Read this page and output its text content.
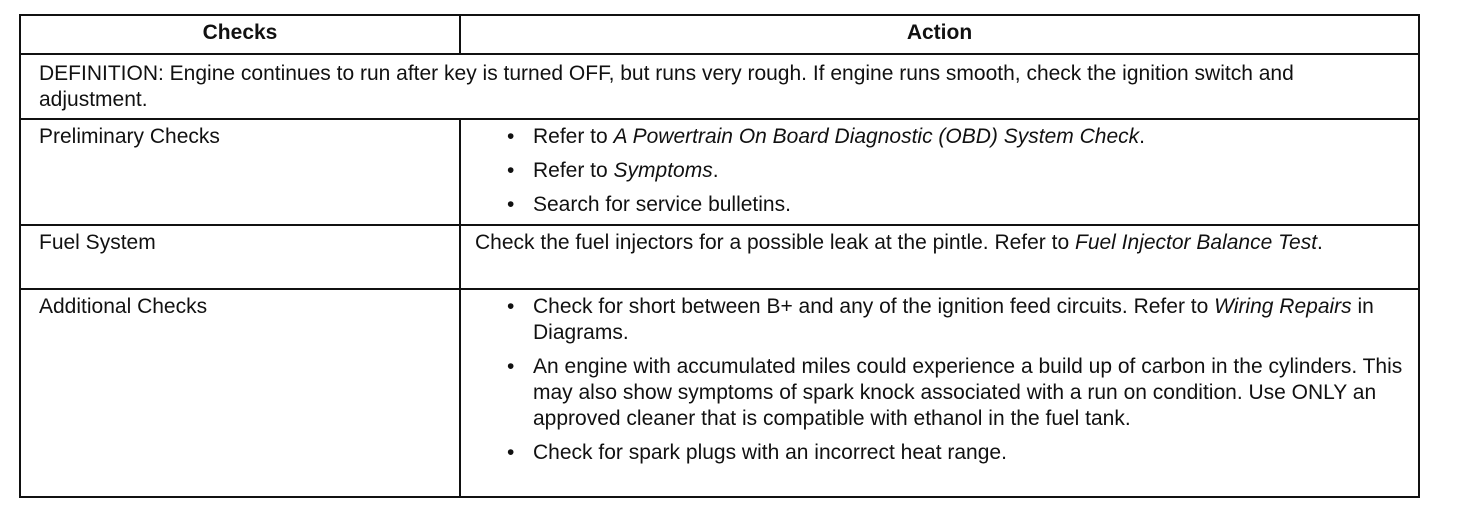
Checks	Action
DEFINITION: Engine continues to run after key is turned OFF, but runs very rough. If engine runs smooth, check the ignition switch and adjustment.
Preliminary Checks	• Refer to A Powertrain On Board Diagnostic (OBD) System Check.
• Refer to Symptoms.
• Search for service bulletins.
Fuel System	Check the fuel injectors for a possible leak at the pintle. Refer to Fuel Injector Balance Test.
Additional Checks	• Check for short between B+ and any of the ignition feed circuits. Refer to Wiring Repairs in Diagrams.
• An engine with accumulated miles could experience a build up of carbon in the cylinders. This may also show symptoms of spark knock associated with a run on condition. Use ONLY an approved cleaner that is compatible with ethanol in the fuel tank.
• Check for spark plugs with an incorrect heat range.
